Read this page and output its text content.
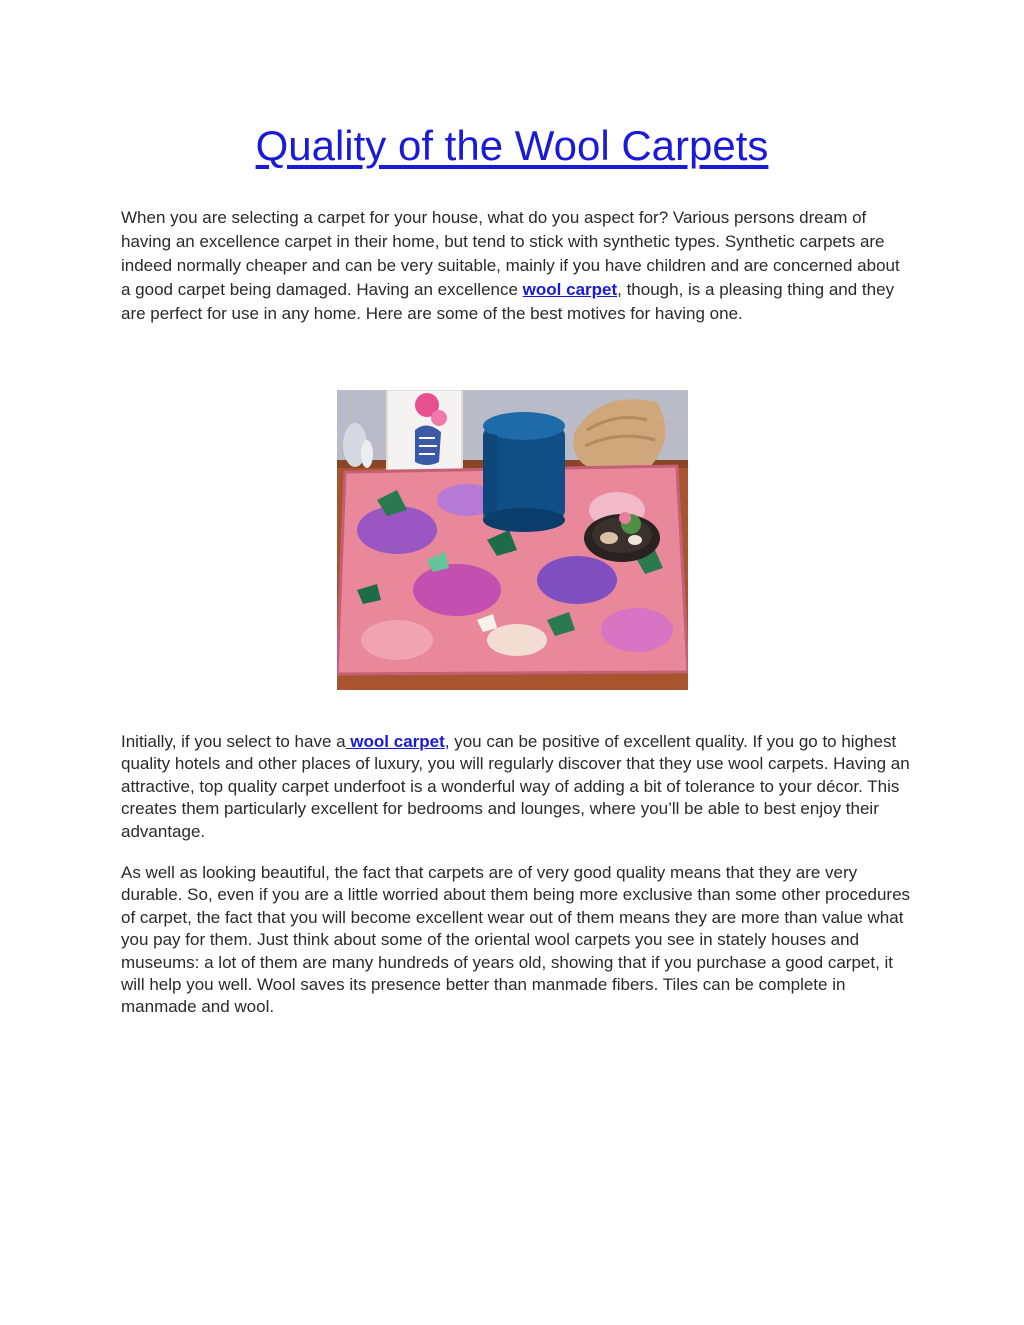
Quality of the Wool Carpets

When you are selecting a carpet for your house, what do you aspect for? Various persons dream of having an excellence carpet in their home, but tend to stick with synthetic types. Synthetic carpets are indeed normally cheaper and can be very suitable, mainly if you have children and are concerned about a good carpet being damaged. Having an excellence wool carpet, though, is a pleasing thing and they are perfect for use in any home. Here are some of the best motives for having one.

Initially, if you select to have a wool carpet, you can be positive of excellent quality. If you go to highest quality hotels and other places of luxury, you will regularly discover that they use wool carpets. Having an attractive, top quality carpet underfoot is a wonderful way of adding a bit of tolerance to your décor. This creates them particularly excellent for bedrooms and lounges, where you’ll be able to best enjoy their advantage.

As well as looking beautiful, the fact that carpets are of very good quality means that they are very durable. So, even if you are a little worried about them being more exclusive than some other procedures of carpet, the fact that you will become excellent wear out of them means they are more than value what you pay for them. Just think about some of the oriental wool carpets you see in stately houses and museums: a lot of them are many hundreds of years old, showing that if you purchase a good carpet, it will help you well. Wool saves its presence better than manmade fibers. Tiles can be complete in manmade and wool.
